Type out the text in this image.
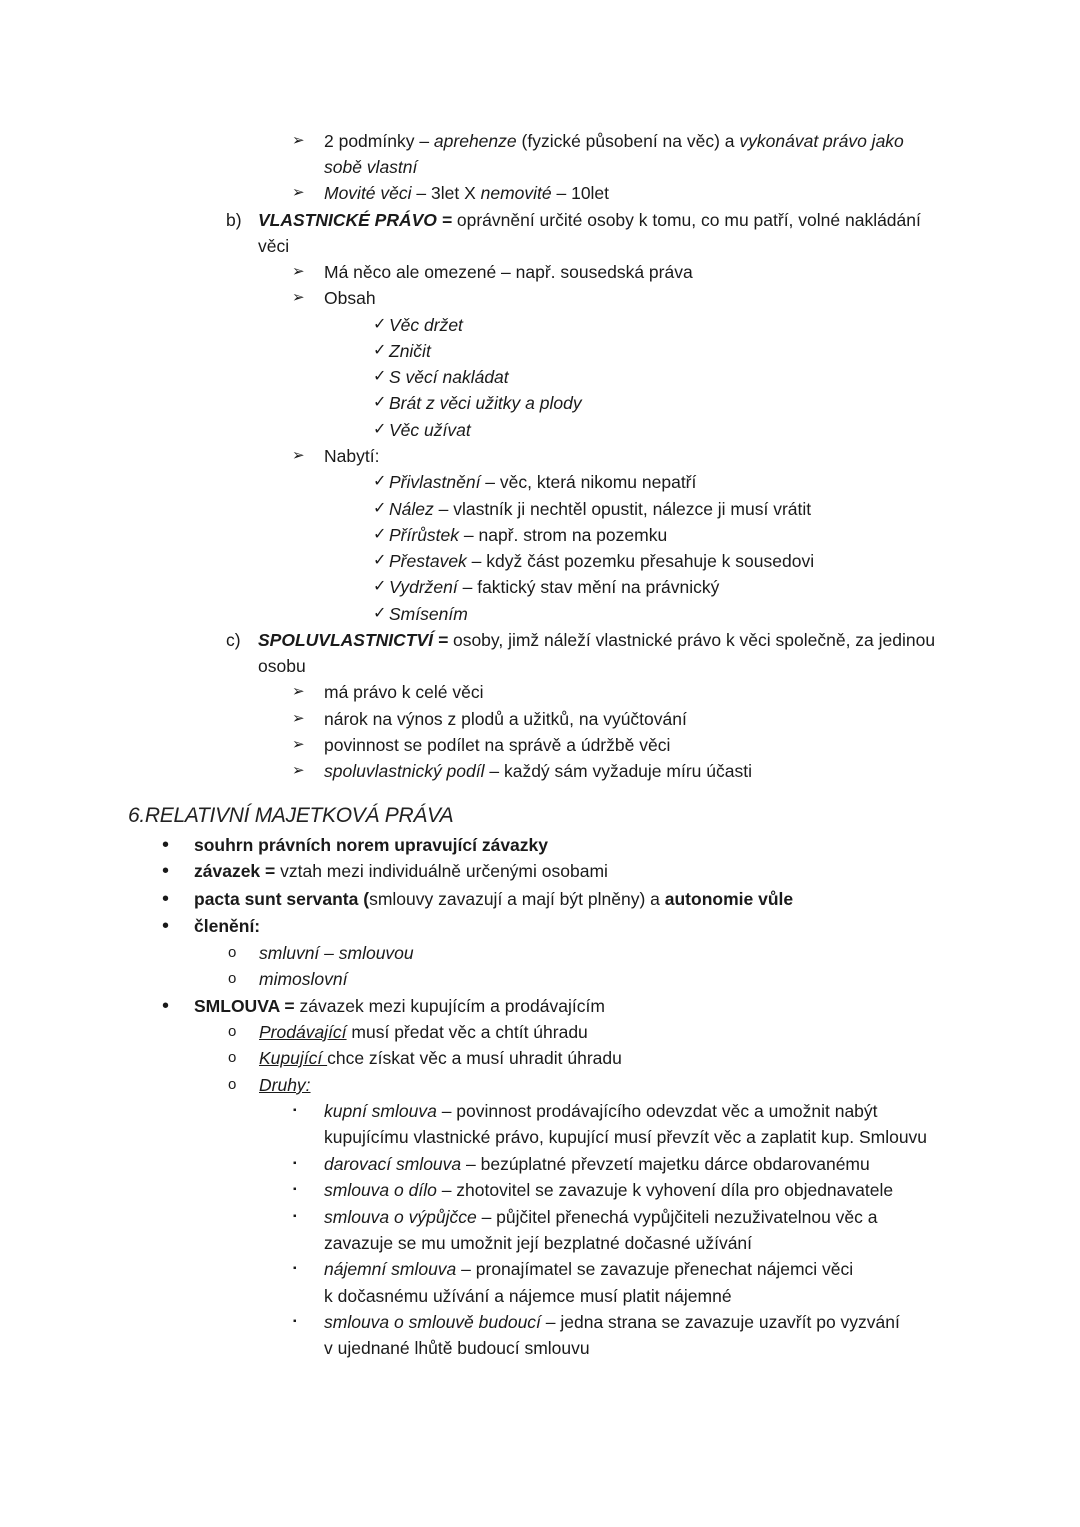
➢ 2 podmínky – aprehenze (fyzické působení na věc) a vykonávat právo jako
sobě vlastní
➢ Movité věci – 3let X nemovité – 10let
b) VLASTNICKÉ PRÁVO = oprávnění určité osoby k tomu, co mu patří, volné nakládání
věci
➢ Má něco ale omezené – např. sousedská práva
➢ Obsah
✓ Věc držet
✓ Zničit
✓ S věcí nakládat
✓ Brát z věci užitky a plody
✓ Věc užívat
➢ Nabytí:
✓ Přivlastnění – věc, která nikomu nepatří
✓ Nález – vlastník ji nechtěl opustit, nálezce ji musí vrátit
✓ Přírůstek – např. strom na pozemku
✓ Přestavek – když část pozemku přesahuje k sousedovi
✓ Vydržení – faktický stav mění na právnický
✓ Smísením
c) SPOLUVLASTNICTVÍ = osoby, jimž náleží vlastnické právo k věci společně, za jedinou
osobu
➢ má právo k celé věci
➢ nárok na výnos z plodů a užitků, na vyúčtování
➢ povinnost se podílet na správě a údržbě věci
➢ spoluvlastnický podíl – každý sám vyžaduje míru účasti
6.RELATIVNÍ MAJETKOVÁ PRÁVA
• souhrn právních norem upravující závazky
• závazek = vztah mezi individuálně určenými osobami
• pacta sunt servanta (smlouvy zavazují a mají být plněny) a autonomie vůle
• členění:
o smluvní – smlouvou
o mimoslovní
• SMLOUVA = závazek mezi kupujícím a prodávajícím
o Prodávající musí předat věc a chtít úhradu
o Kupující chce získat věc a musí uhradit úhradu
o Druhy:
▪ kupní smlouva – povinnost prodávajícího odevzdat věc a umožnit nabýt
kupujícímu vlastnické právo, kupující musí převzít věc a zaplatit kup. Smlouvu
▪ darovací smlouva – bezúplatné převzetí majetku dárce obdarovanému
▪ smlouva o dílo – zhotovitel se zavazuje k vyhovení díla pro objednavatele
▪ smlouva o výpůjčce – půjčitel přenechá vypůjčiteli nezuživatelnou věc a
zavazuje se mu umožnit její bezplatné dočasné užívání
▪ nájemní smlouva – pronajímatel se zavazuje přenechat nájemci věci
k dočasnému užívání a nájemce musí platit nájemné
▪ smlouva o smlouvě budoucí – jedna strana se zavazuje uzavřít po vyzvání
v ujednané lhůtě budoucí smlouvu
